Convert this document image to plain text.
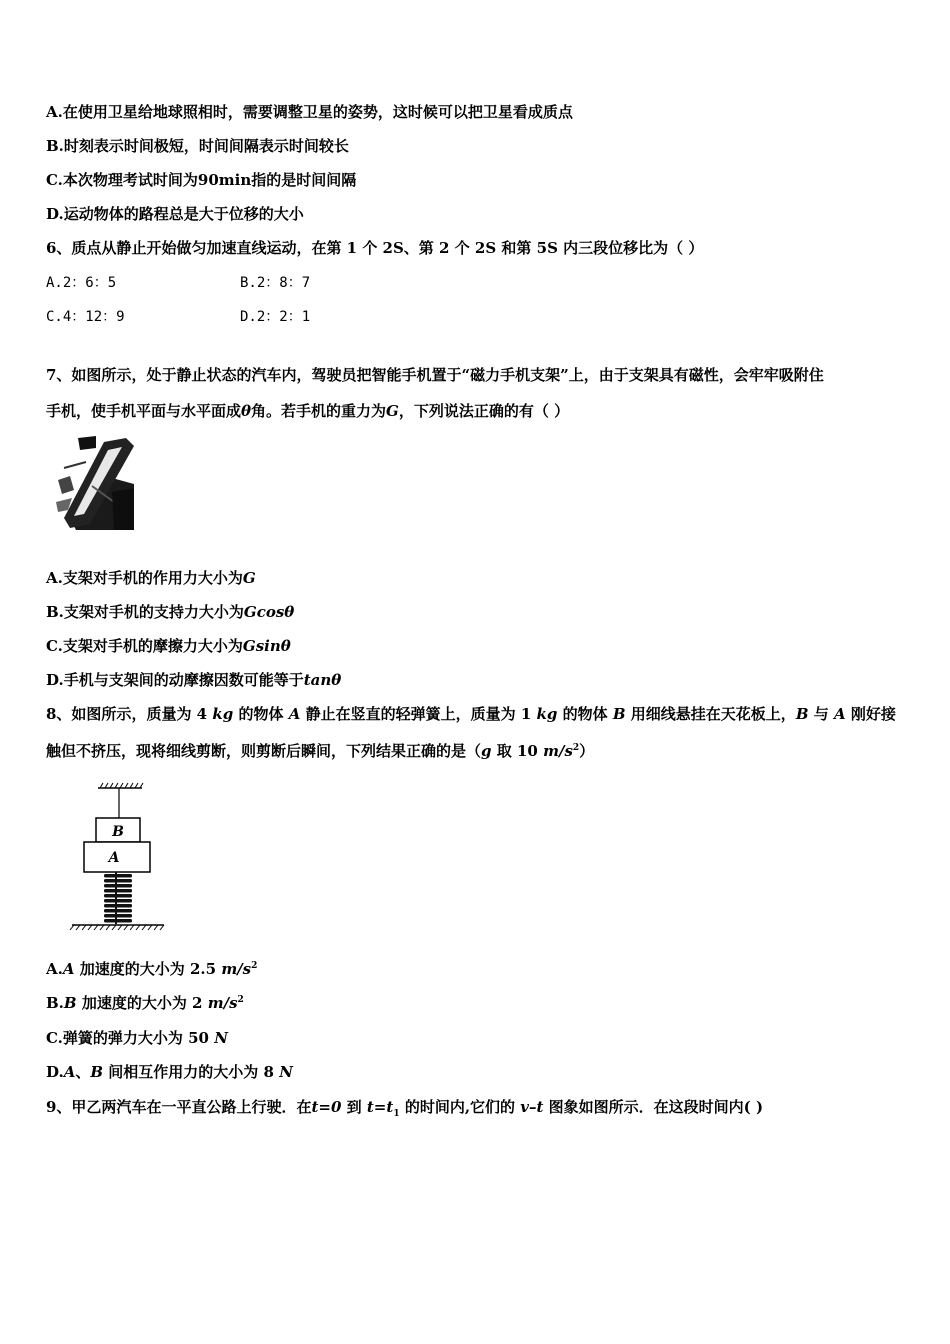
A.在使用卫星给地球照相时，需要调整卫星的姿势，这时候可以把卫星看成质点
B.时刻表示时间极短，时间间隔表示时间较长
C.本次物理考试时间为90min指的是时间间隔
D.运动物体的路程总是大于位移的大小
6、质点从静止开始做匀加速直线运动，在第 1 个 2S、第 2 个 2S 和第 5S 内三段位移比为（ ）
A.2：6：5	B.2：8：7
C.4：12：9	D.2：2：1
7、如图所示，处于静止状态的汽车内，驾驶员把智能手机置于“磁力手机支架”上，由于支架具有磁性，会牢牢吸附住
手机，使手机平面与水平面成θ角。若手机的重力为G，下列说法正确的有（ ）
A.支架对手机的作用力大小为G
B.支架对手机的支持力大小为Gcosθ
C.支架对手机的摩擦力大小为Gsinθ
D.手机与支架间的动摩擦因数可能等于tanθ
8、如图所示，质量为 4 kg 的物体 A 静止在竖直的轻弹簧上，质量为 1 kg 的物体 B 用细线悬挂在天花板上，B 与 A 刚好接
触但不挤压，现将细线剪断，则剪断后瞬间，下列结果正确的是（g 取 10 $m/s^2$）
B
A
A.A 加速度的大小为 2.5 $m/s^2$
B.B 加速度的大小为 2 $m/s^2$
C.弹簧的弹力大小为 50 N
D.A、B 间相互作用力的大小为 8 N
9、甲乙两汽车在一平直公路上行驶．在t=0 到 $t=t_1$ 的时间内,它们的 v–t 图象如图所示．在这段时间内( )
